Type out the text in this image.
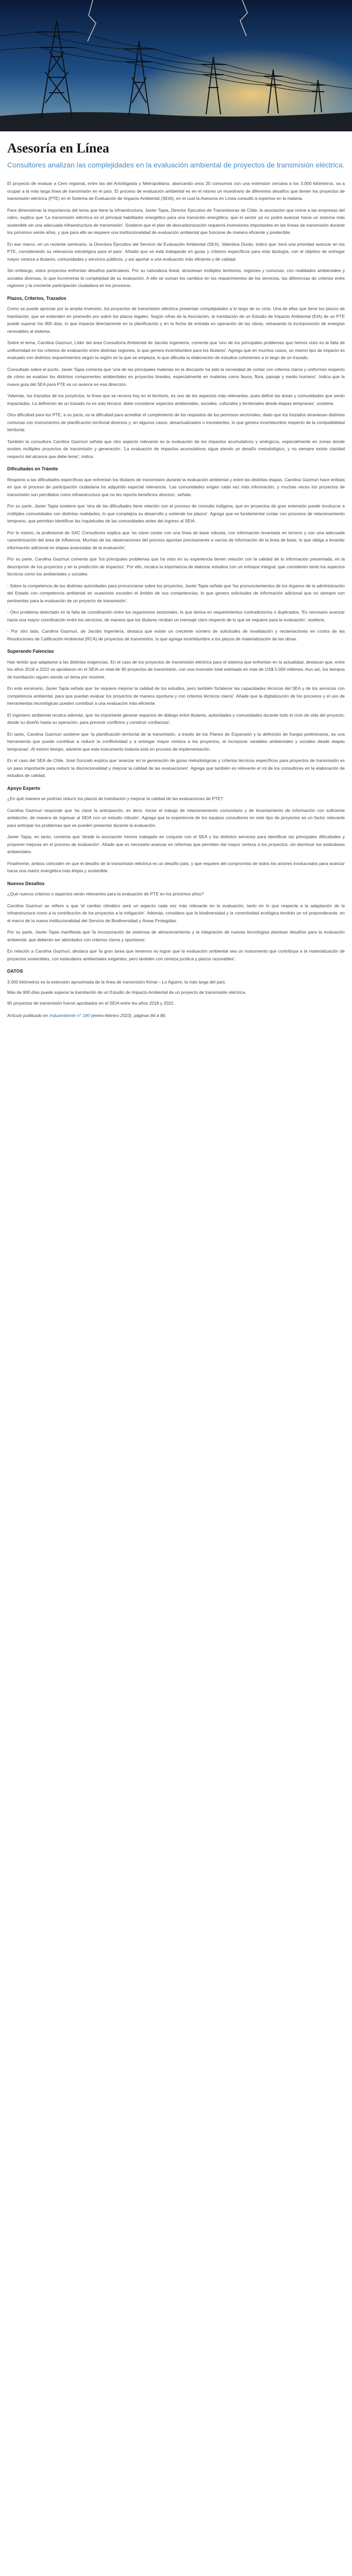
Asesoría en Línea
Consultores analizan las complejidades en la evaluación ambiental de proyectos de transmisión eléctrica.

El proyecto de evaluar a Cero regional, entre las del Antofagasta y Metropolitana, abarcando unos 20 consumos con una extensión cercana a los 3.000 kilómetros, va a ocupar a la más larga línea de transmisión en el país. El proceso de evaluación ambiental es en el mismo un muestrario de diferentes desafíos que tienen los proyectos de transmisión eléctrica (PTE) en el Sistema de Evaluación de Impacto Ambiental (SEIA), en el cual la Asesoría en Línea consultó a expertos en la materia.

Para dimensionar la importancia del tema que tiene la infraestructura, Javier Tapia, Director Ejecutivo de Transmisoras de Chile, la asociación que reúne a las empresas del rubro, explica que 'La transmisión eléctrica es el principal habilitador energético para una transición energética; que el sector ya no podrá avanzar hacia un sistema más sostenible sin una adecuada infraestructura de transmisión'. Sostiene que el plan de descarbonización requerirá inversiones importantes en las líneas de transmisión durante los próximos veinte años, y que para ello se requiere una institucionalidad de evaluación ambiental que funcione de manera eficiente y predecible.

En ese marco, en un reciente seminario, la Directora Ejecutiva del Servicio de Evaluación Ambiental (SEA), Valentina Durán, indicó que 'será una prioridad avanzar en los PTE, considerando su relevancia estratégica para el país'. Añadió que se está trabajando en guías y criterios específicos para esta tipología, con el objetivo de entregar mayor certeza a titulares, comunidades y servicios públicos, y así aportar a una evaluación más eficiente y de calidad.

Sin embargo, estos proyectos enfrentan desafíos particulares. Por su naturaleza lineal, atraviesan múltiples territorios, regiones y comunas, con realidades ambientales y sociales diversas, lo que incrementa la complejidad de su evaluación. A ello se suman los cambios en los requerimientos de los servicios, las diferencias de criterios entre regiones y la creciente participación ciudadana en los procesos.

Plazos, Criterios, Trazados

Como se puede apreciar por la amplia inversión, los proyectos de transmisión eléctrica presentan complejidades a lo largo de su ciclo. Una de ellas que tiene los plazos de tramitación, que se extienden en promedio por sobre los plazos legales. Según cifras de la Asociación, la tramitación de un Estudio de Impacto Ambiental (EIA) de un PTE puede superar los 900 días, lo que impacta directamente en la planificación y en la fecha de entrada en operación de las obras, retrasando la incorporación de energías renovables al sistema.

Sobre el tema, Carolina Gazmuri, Líder del área Consultoría Ambiental de Jacobs Ingeniería, comenta que 'uno de los principales problemas que hemos visto es la falta de uniformidad en los criterios de evaluación entre distintas regiones, lo que genera incertidumbre para los titulares'. Agrega que en muchos casos, un mismo tipo de impacto es evaluado con distintos requerimientos según la región en la que se emplaza, lo que dificulta la elaboración de estudios coherentes a lo largo de un trazado.

Consultado sobre el punto, Javier Tapia comenta que 'una de las principales materias en la discusión ha sido la necesidad de contar con criterios claros y uniformes respecto de cómo se evalúan los distintos componentes ambientales en proyectos lineales, especialmente en materias como fauna, flora, paisaje y medio humano'. Indica que la nueva guía del SEA para PTE es un avance en esa dirección.

'Además, los trazados de los proyectos, la línea que se recorra hoy en el territorio, es uno de los aspectos más relevantes, pues define las áreas y comunidades que serán impactadas. La definición de un trazado no es solo técnica: debe considerar aspectos ambientales, sociales, culturales y territoriales desde etapas tempranas', sostiene.

Otra dificultad para los PTE, a su juicio, es la dificultad para acreditar el cumplimiento de los requisitos de los permisos sectoriales, dado que los trazados atraviesan distintas comunas con instrumentos de planificación territorial diversos y, en algunos casos, desactualizados o inexistentes, lo que genera incertidumbre respecto de la compatibilidad territorial.

También la consultora Carolina Gazmuri señala que otro aspecto relevante es la evaluación de los impactos acumulativos y sinérgicos, especialmente en zonas donde existen múltiples proyectos de transmisión y generación. 'La evaluación de impactos acumulativos sigue siendo un desafío metodológico, y no siempre existe claridad respecto del alcance que debe tener', indica.

Dificultades en Trámite

Respecto a las dificultades específicas que enfrentan los titulares de transmisión durante la evaluación ambiental y entre las distintas etapas, Carolina Gazmuri hace énfasis en que el proceso de participación ciudadana ha adquirido especial relevancia. 'Las comunidades exigen cada vez más información, y muchas veces los proyectos de transmisión son percibidos como infraestructura que no les reporta beneficios directos', señala.

Por su parte, Javier Tapia sostiene que 'otra de las dificultades tiene relación con el proceso de consulta indígena, que en proyectos de gran extensión puede involucrar a múltiples comunidades con distintas realidades, lo que complejiza su desarrollo y extiende los plazos'. Agrega que es fundamental contar con procesos de relacionamiento temprano, que permitan identificar las inquietudes de las comunidades antes del ingreso al SEIA.

Por lo mismo, la profesional de SAC Consultores explica que 'es clave contar con una línea de base robusta, con información levantada en terreno y con una adecuada caracterización del área de influencia. Muchas de las observaciones del proceso apuntan precisamente a vacíos de información de la línea de base, lo que obliga a levantar información adicional en etapas avanzadas de la evaluación'.

Por su parte, Carolina Gazmuri comenta que 'los principales problemas que ha visto en su experiencia tienen relación con la calidad de la información presentada, en la descripción de los proyectos y en la predicción de impactos'. Por ello, recalca la importancia de elaborar estudios con un enfoque integral, que consideren tanto los aspectos técnicos como los ambientales y sociales.

- Sobre la competencia de las distintas autoridades para pronunciarse sobre los proyectos, Javier Tapia señala que 'los pronunciamientos de los órganos de la administración del Estado con competencia ambiental en ocasiones exceden el ámbito de sus competencias, lo que genera solicitudes de información adicional que no siempre son pertinentes para la evaluación de un proyecto de transmisión'.

- Otro problema detectado es la falta de coordinación entre los organismos sectoriales, lo que deriva en requerimientos contradictorios o duplicados. 'Es necesario avanzar hacia una mayor coordinación entre los servicios, de manera que los titulares reciban un mensaje claro respecto de lo que se requiere para la evaluación', sostiene.

- Por otro lado, Carolina Gazmuri, de Jacobs Ingeniería, destaca que existe un creciente número de solicitudes de invalidación y reclamaciones en contra de las Resoluciones de Calificación Ambiental (RCA) de proyectos de transmisión, lo que agrega incertidumbre a los plazos de materialización de las obras.

Superando Falencias

Han tenido que adaptarse a las distintas exigencias. En el caso de los proyectos de transmisión eléctrica para el sistema que enfrentan en la actualidad, destacan que, entre los años 2018 a 2022 se aprobaron en el SEIA un total de 90 proyectos de transmisión, con una inversión total estimada en más de US$ 5.000 millones. Aun así, los tiempos de tramitación siguen siendo un tema por resolver.

En este escenario, Javier Tapia señala que 'se requiere mejorar la calidad de los estudios, pero también fortalecer las capacidades técnicas del SEA y de los servicios con competencia ambiental, para que puedan evaluar los proyectos de manera oportuna y con criterios técnicos claros'. Añade que la digitalización de los procesos y el uso de herramientas tecnológicas pueden contribuir a una evaluación más eficiente.

El ingeniero ambiental recalca además, que 'es importante generar espacios de diálogo entre titulares, autoridades y comunidades durante todo el ciclo de vida del proyecto, desde su diseño hasta su operación, para prevenir conflictos y construir confianzas'.

En tanto, Carolina Gazmuri sostiene que 'la planificación territorial de la transmisión, a través de los Planes de Expansión y la definición de franjas preliminares, es una herramienta que puede contribuir a reducir la conflictividad y a entregar mayor certeza a los proyectos, al incorporar variables ambientales y sociales desde etapas tempranas'. Al mismo tiempo, advierte que este instrumento todavía está en proceso de implementación.

En el caso del SEA de Chile, José Gonzalo explica que 'avanzar en la generación de guías metodológicas y criterios técnicos específicos para proyectos de transmisión es un paso importante para reducir la discrecionalidad y mejorar la calidad de las evaluaciones'. Agrega que también es relevante el rol de los consultores en la elaboración de estudios de calidad.

Apoyo Experto

¿En qué manera se podrían reducir los plazos de tramitación y mejorar la calidad de las evaluaciones de PTE?

Carolina Gazmuri responde que 'es clave la anticipación, es decir, iniciar el trabajo de relacionamiento comunitario y de levantamiento de información con suficiente antelación, de manera de ingresar al SEIA con un estudio robusto'. Agrega que la experiencia de los equipos consultores en este tipo de proyectos es un factor relevante para anticipar los problemas que se pueden presentar durante la evaluación.

Javier Tapia, en tanto, comenta que 'desde la asociación hemos trabajado en conjunto con el SEA y los distintos servicios para identificar las principales dificultades y proponer mejoras en el proceso de evaluación'. Añade que es necesario avanzar en reformas que permitan dar mayor certeza a los proyectos, sin disminuir los estándares ambientales.

Finalmente, ambos coinciden en que el desafío de la transmisión eléctrica es un desafío país, y que requiere del compromiso de todos los actores involucrados para avanzar hacia una matriz energética más limpia y sostenible.

Nuevos Desafíos

¿Qué nuevos criterios o aspectos serán relevantes para la evaluación de PTE en los próximos años?

Carolina Gazmuri se refiere a que 'el cambio climático será un aspecto cada vez más relevante en la evaluación, tanto en lo que respecta a la adaptación de la infraestructura como a la contribución de los proyectos a la mitigación'. Además, considera que la biodiversidad y la conectividad ecológica tendrán un rol preponderante, en el marco de la nueva institucionalidad del Servicio de Biodiversidad y Áreas Protegidas.

Por su parte, Javier Tapia manifiesta que 'la incorporación de sistemas de almacenamiento y la integración de nuevas tecnologías plantean desafíos para la evaluación ambiental, que deberán ser abordados con criterios claros y oportunos'.

En relación a Carolina Gazmuri, destaca que 'la gran tarea que tenemos es lograr que la evaluación ambiental sea un instrumento que contribuya a la materialización de proyectos sostenibles, con estándares ambientales exigentes, pero también con certeza jurídica y plazos razonables'.

DATOS

3.000 kilómetros es la extensión aproximada de la línea de transmisión Kimal – Lo Aguirre, la más larga del país.

Más de 900 días puede superar la tramitación de un Estudio de Impacto Ambiental de un proyecto de transmisión eléctrica.

90 proyectos de transmisión fueron aprobados en el SEIA entre los años 2018 y 2022.

Artículo publicado en Induambiente n° 180 (enero-febrero 2023), páginas 84 a 86.
